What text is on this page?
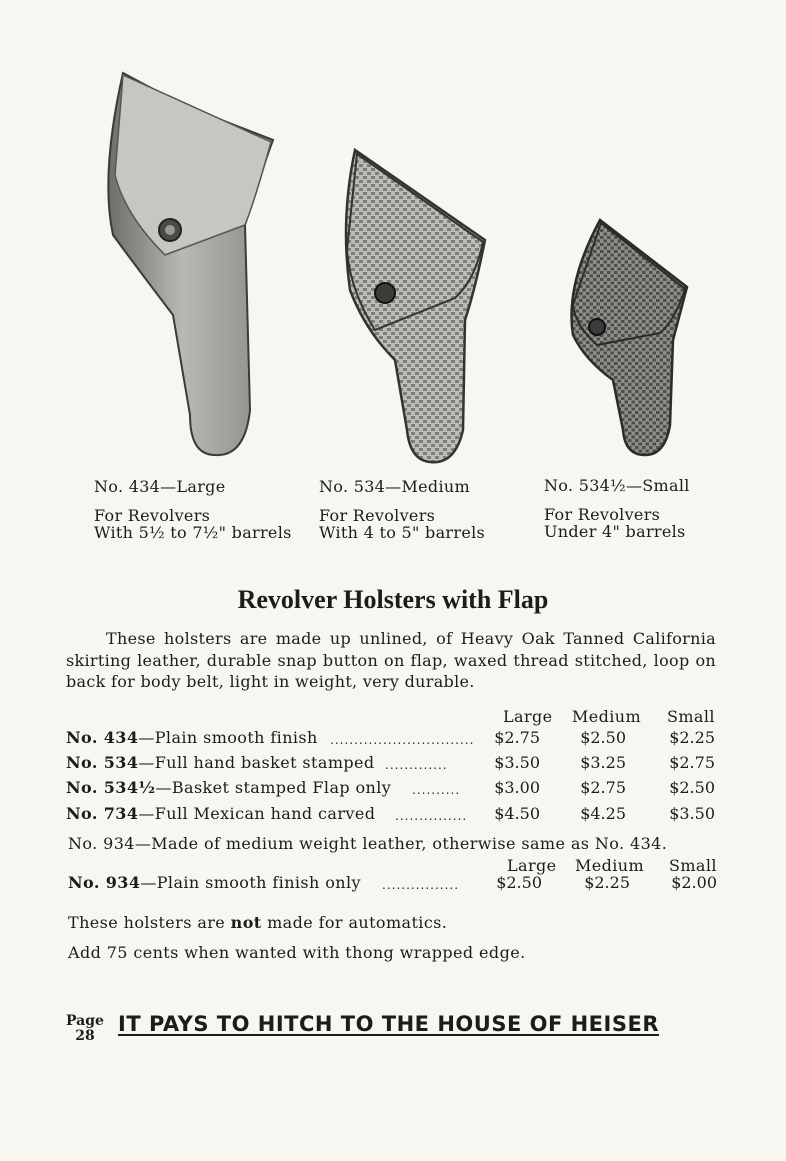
No. 434—Large
For Revolvers
With 5½ to 7½" barrels
No. 534—Medium
For Revolvers
With 4 to 5" barrels
No. 534½—Small
For Revolvers
Under 4" barrels
Revolver Holsters with Flap
These holsters are made up unlined, of Heavy Oak Tanned California skirting leather, durable snap button on flap, waxed thread stitched, loop on back for body belt, light in weight, very durable.
Large Medium Small
No. 434—Plain smooth finish ..............................	$2.75	$2.50	$2.25
No. 534—Full hand basket stamped .............	$3.50	$3.25	$2.75
No. 534½—Basket stamped Flap only ..........	$3.00	$2.75	$2.50
No. 734—Full Mexican hand carved ...............	$4.50	$4.25	$3.50
No. 934—Made of medium weight leather, otherwise same as No. 434.
Large Medium Small
No. 934—Plain smooth finish only ................	$2.50	$2.25	$2.00
These holsters are not made for automatics.
Add 75 cents when wanted with thong wrapped edge.
Page
28	IT PAYS TO HITCH TO THE HOUSE OF HEISER
